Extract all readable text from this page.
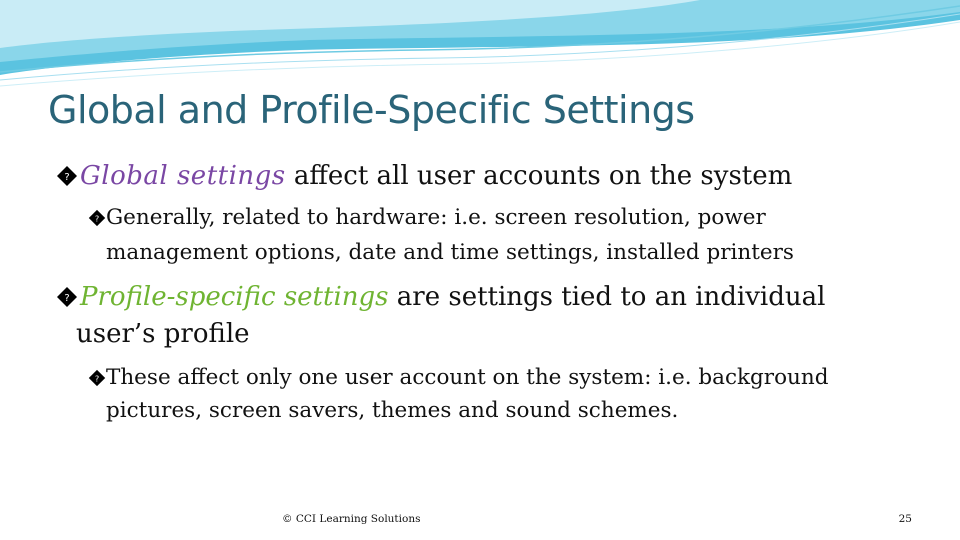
Global and Profile-Specific Settings
? Global settings affect all user accounts on the system
? Generally, related to hardware: i.e. screen resolution, power
management options, date and time settings, installed printers
? Profile-specific settings are settings tied to an individual
user’s profile
? These affect only one user account on the system: i.e. background
pictures, screen savers, themes and sound schemes.
© CCI Learning Solutions	25
